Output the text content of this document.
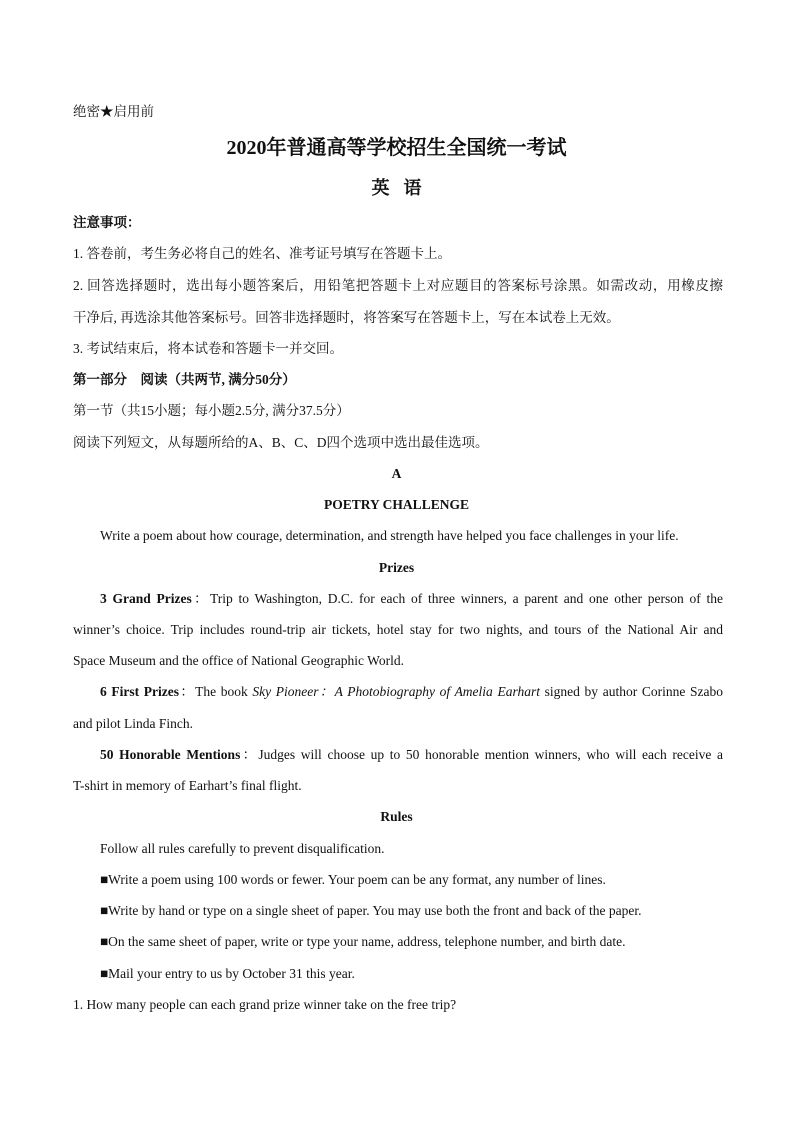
绝密★启用前
2020年普通高等学校招生全国统一考试
英语
注意事项：
1. 答卷前，考生务必将自己的姓名、准考证号填写在答题卡上。
2. 回答选择题时，选出每小题答案后，用铅笔把答题卡上对应题目的答案标号涂黑。如需改动，用橡皮擦
干净后, 再选涂其他答案标号。回答非选择题时，将答案写在答题卡上，写在本试卷上无效。
3. 考试结束后，将本试卷和答题卡一并交回。
第一部分　阅读（共两节, 满分50分）
第一节（共15小题；每小题2.5分, 满分37.5分）
阅读下列短文，从每题所给的A、B、C、D四个选项中选出最佳选项。
A
POETRY CHALLENGE
Write a poem about how courage, determination, and strength have helped you face challenges in your life.
Prizes
3 Grand Prizes：Trip to Washington, D.C. for each of three winners, a parent and one other person of the
winner’s choice. Trip includes round-trip air tickets, hotel stay for two nights, and tours of the National Air and
Space Museum and the office of National Geographic World.
6 First Prizes：The book Sky Pioneer：A Photobiography of Amelia Earhart signed by author Corinne Szabo
and pilot Linda Finch.
50 Honorable Mentions：Judges will choose up to 50 honorable mention winners, who will each receive a
T-shirt in memory of Earhart’s final flight.
Rules
Follow all rules carefully to prevent disqualification.
■Write a poem using 100 words or fewer. Your poem can be any format, any number of lines.
■Write by hand or type on a single sheet of paper. You may use both the front and back of the paper.
■On the same sheet of paper, write or type your name, address, telephone number, and birth date.
■Mail your entry to us by October 31 this year.
1. How many people can each grand prize winner take on the free trip?
